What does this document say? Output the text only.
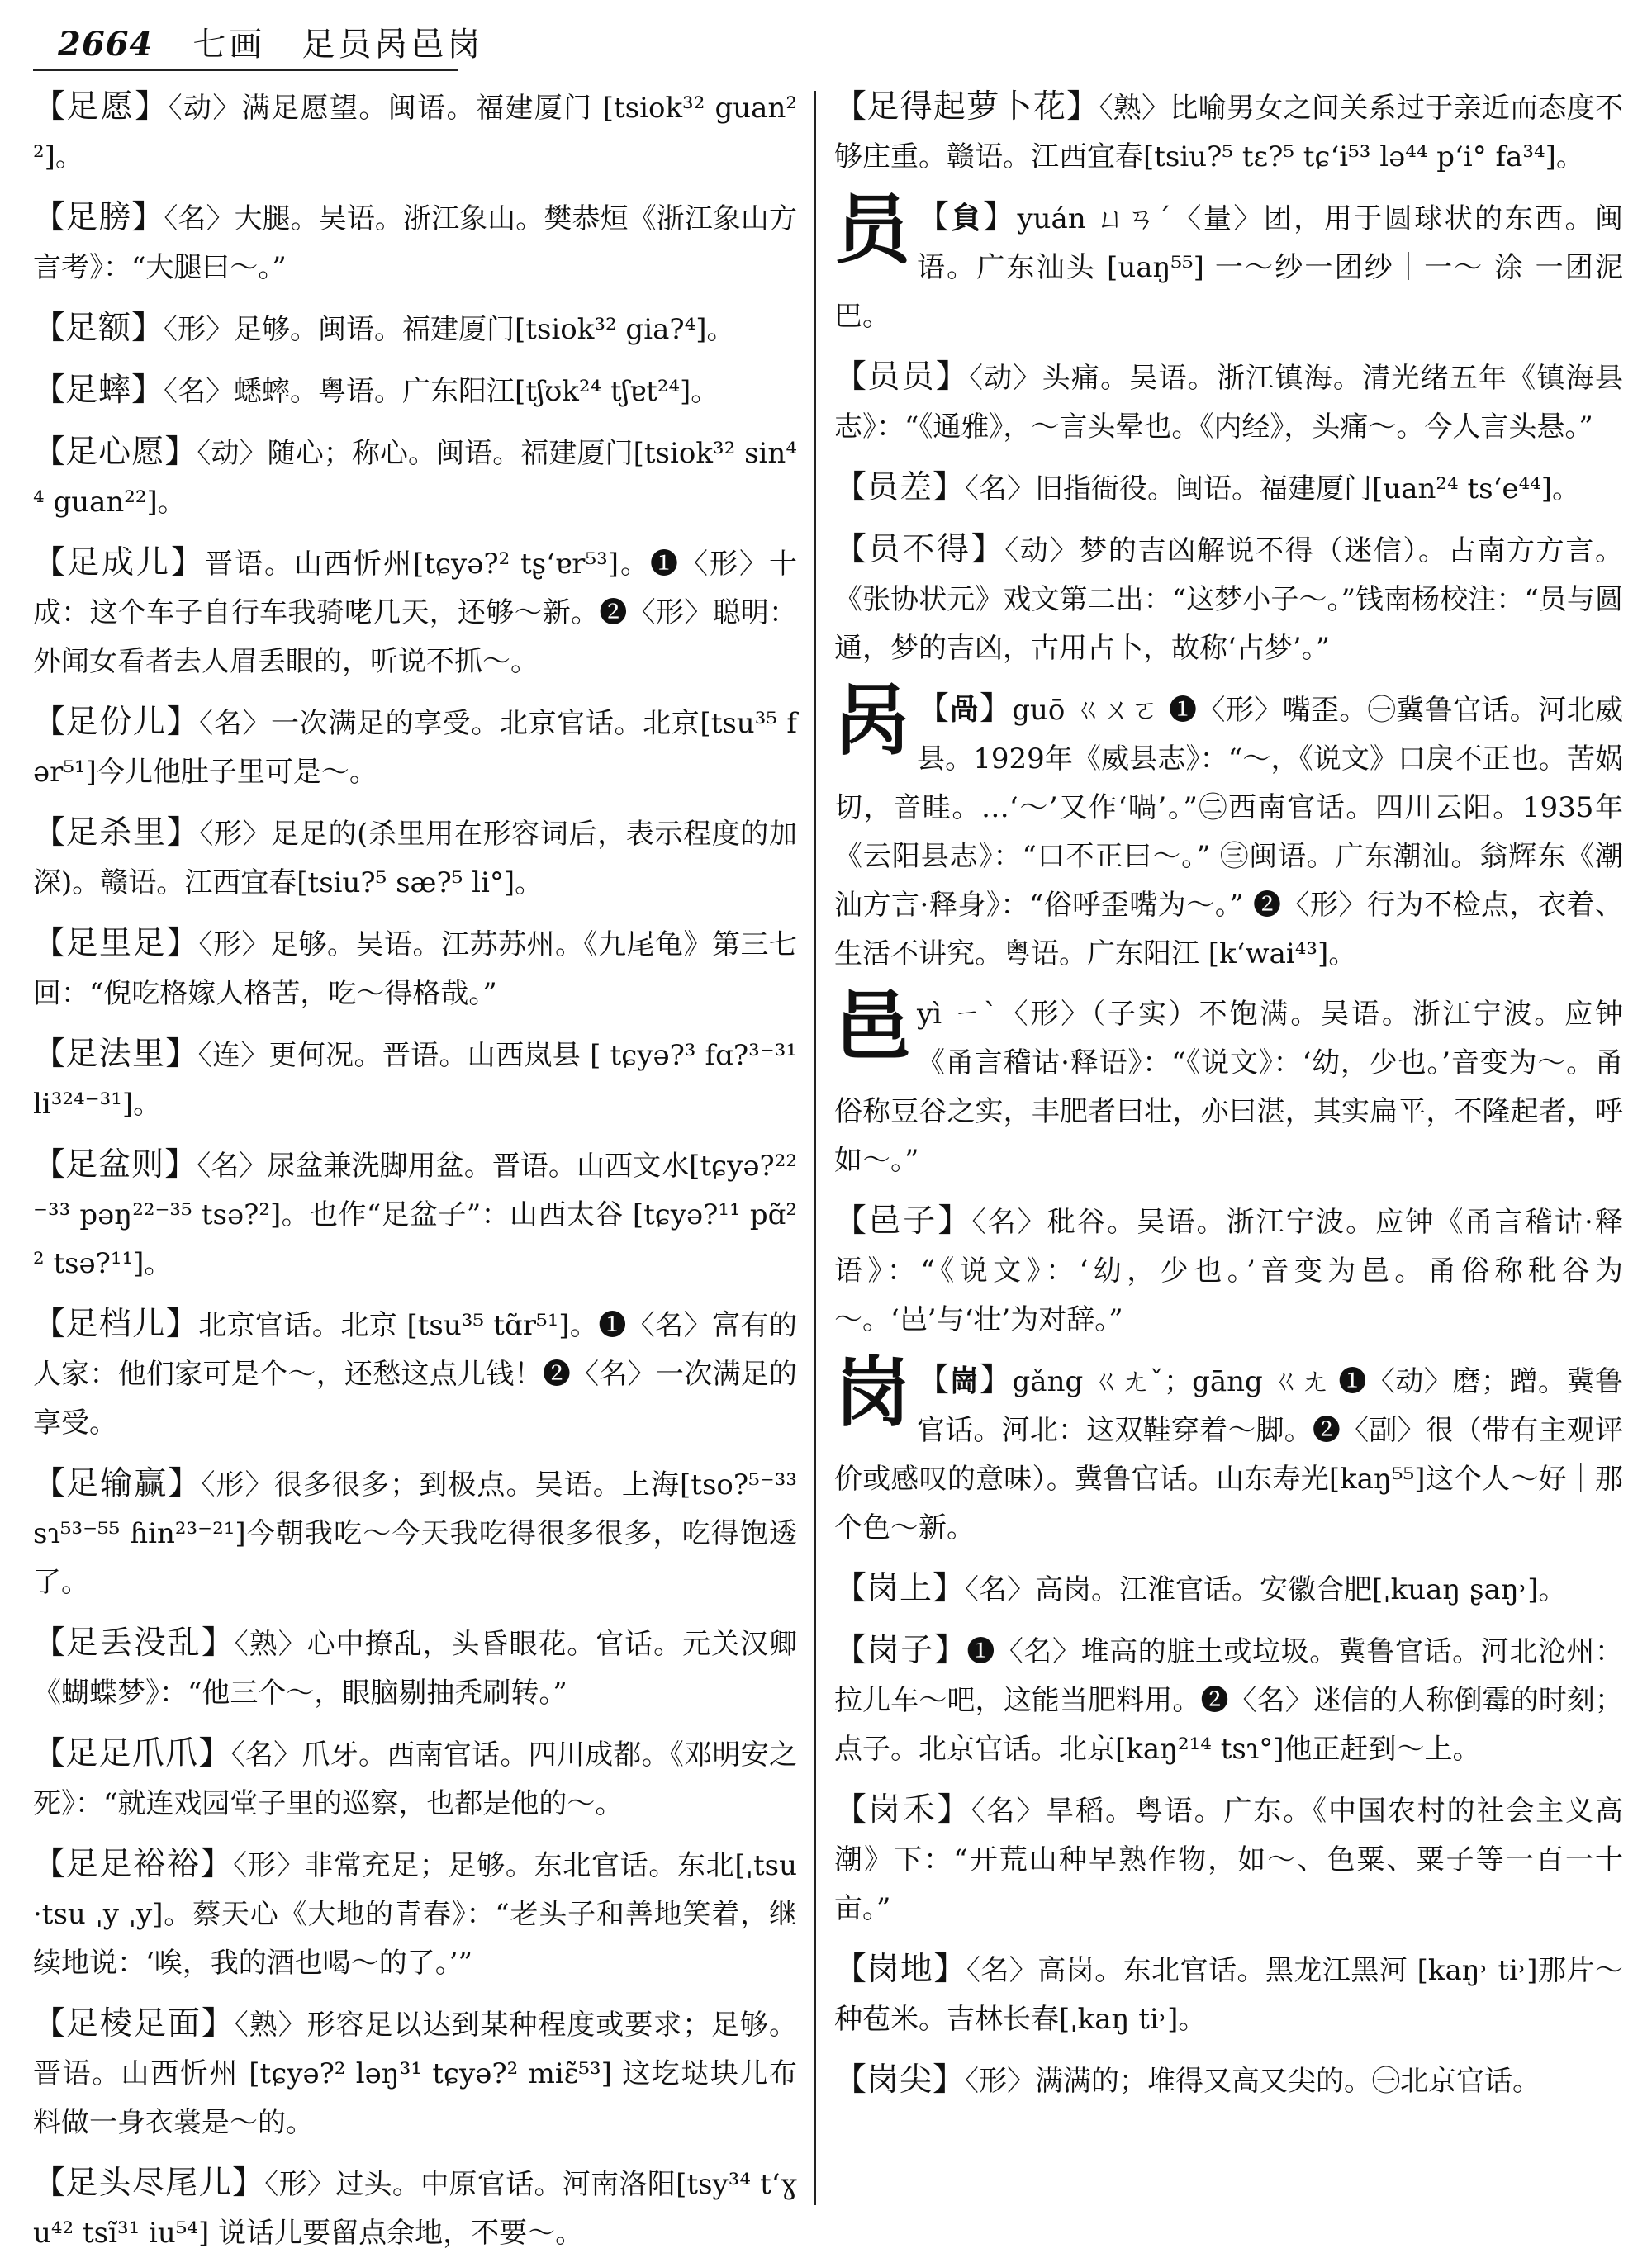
2664 七画　足员呙邑岗
【足愿】〈动〉满足愿望。闽语。福建厦门 [tsiok³² guan²²]。
【足膀】〈名〉大腿。吴语。浙江象山。樊恭烜《浙江象山方言考》：“大腿曰～。”
【足额】〈形〉足够。闽语。福建厦门[tsiok³² gia?⁴]。
【足蟀】〈名〉蟋蟀。粤语。广东阳江[tʃʊk²⁴ tʃɐt²⁴]。
【足心愿】〈动〉随心；称心。闽语。福建厦门[tsiok³² sin⁴⁴ guan²²]。
【足成儿】晋语。山西忻州[tɕyə?² tʂʻɐr⁵³]。❶〈形〉十成：这个车子自行车我骑咾几天，还够～新。❷〈形〉聪明：外闻女看者去人眉丢眼的，听说不抓～。
【足份儿】〈名〉一次满足的享受。北京官话。北京[tsu³⁵ fər⁵¹]今儿他肚子里可是～。
【足杀里】〈形〉足足的(杀里用在形容词后，表示程度的加深)。赣语。江西宜春[tsiu?⁵ sæ?⁵ li°]。
【足里足】〈形〉足够。吴语。江苏苏州。《九尾龟》第三七回：“倪吃格嫁人格苦，吃～得格哉。”
【足法里】〈连〉更何况。晋语。山西岚县 [ tɕyə?³ fɑ?³⁻³¹ li³²⁴⁻³¹]。
【足盆则】〈名〉尿盆兼洗脚用盆。晋语。山西文水[tɕyə?²²⁻³³ pəŋ²²⁻³⁵ tsə?²]。也作“足盆子”：山西太谷 [tɕyə?¹¹ pɑ̃²² tsə?¹¹]。
【足档儿】北京官话。北京 [tsu³⁵ tɑ̃r⁵¹]。❶〈名〉富有的人家：他们家可是个～，还愁这点儿钱！❷〈名〉一次满足的享受。
【足输赢】〈形〉很多很多；到极点。吴语。上海[tso?⁵⁻³³ sɿ⁵³⁻⁵⁵ ɦin²³⁻²¹]今朝我吃～今天我吃得很多很多，吃得饱透了。
【足丢没乱】〈熟〉心中撩乱，头昏眼花。官话。元关汉卿《蝴蝶梦》：“他三个～，眼脑剔抽秃刷转。”
【足足爪爪】〈名〉爪牙。西南官话。四川成都。《邓明安之死》：“就连戏园堂子里的巡察，也都是他的～。
【足足裕裕】〈形〉非常充足；足够。东北官话。东北[ˌtsu ·tsu ˌy ˌy]。蔡天心《大地的青春》：“老头子和善地笑着，继续地说：‘唉，我的酒也喝～的了。’”
【足棱足面】〈熟〉形容足以达到某种程度或要求；足够。晋语。山西忻州 [tɕyə?² ləŋ³¹ tɕyə?² miɛ̃⁵³] 这圪垯块儿布料做一身衣裳是～的。
【足头尽尾儿】〈形〉过头。中原官话。河南洛阳[tsy³⁴ tʻɣu⁴² tsĩ³¹ iu⁵⁴] 说话儿要留点余地，不要～。
【足得起萝卜花】〈熟〉比喻男女之间关系过于亲近而态度不够庄重。赣语。江西宜春[tsiu?⁵ tɛ?⁵ tɕʻi⁵³ lə⁴⁴ pʻi° fa³⁴]。
员 【貟】yuán ㄩㄢˊ〈量〉团，用于圆球状的东西。闽语。广东汕头 [uaŋ⁵⁵] 一～纱一团纱｜一～ 涂 一团泥巴。
【员员】〈动〉头痛。吴语。浙江镇海。清光绪五年《镇海县志》：“《通雅》，～言头晕也。《内经》，头痛～。今人言头悬。”
【员差】〈名〉旧指衙役。闽语。福建厦门[uan²⁴ tsʻe⁴⁴]。
【员不得】〈动〉梦的吉凶解说不得（迷信）。古南方方言。《张协状元》戏文第二出：“这梦小子～。”钱南杨校注：“员与圆通，梦的吉凶，古用占卜，故称‘占梦’。”
呙 【咼】guō ㄍㄨㄛ ❶〈形〉嘴歪。㊀冀鲁官话。河北威县。1929年《威县志》：“～，《说文》口戾不正也。苦娲切，音眭。…‘～’又作‘喎’。”㊁西南官话。四川云阳。1935年《云阳县志》：“口不正曰～。” ㊂闽语。广东潮汕。翁辉东《潮汕方言·释身》：“俗呼歪嘴为～。” ❷〈形〉行为不检点，衣着、生活不讲究。粤语。广东阳江 [kʻwai⁴³]。
邑yì ㄧˋ〈形〉（子实）不饱满。吴语。浙江宁波。应钟《甬言稽诂·释语》：“《说文》：‘幼，少也。’音变为～。甬俗称豆谷之实，丰肥者曰壮，亦曰湛，其实扁平，不隆起者，呼如～。”
【邑子】〈名〉秕谷。吴语。浙江宁波。应钟《甬言稽诂·释语》：“《说文》：‘幼，少也。’音变为邑。甬俗称秕谷为～。‘邑’与‘壮’为对辞。”
岗 【崗】gǎng ㄍㄤˇ；gāng ㄍㄤ ❶〈动〉磨；蹭。冀鲁官话。河北：这双鞋穿着～脚。❷〈副〉很（带有主观评价或感叹的意味）。冀鲁官话。山东寿光[kaŋ⁵⁵]这个人～好｜那个色～新。
【岗上】〈名〉高岗。江淮官话。安徽合肥[ˌkuaŋ ʂaŋ˒]。
【岗子】❶〈名〉堆高的脏土或垃圾。冀鲁官话。河北沧州：拉儿车～吧，这能当肥料用。❷〈名〉迷信的人称倒霉的时刻；点子。北京官话。北京[kaŋ²¹⁴ tsɿ°]他正赶到～上。
【岗禾】〈名〉旱稻。粤语。广东。《中国农村的社会主义高潮》下：“开荒山种早熟作物，如～、色粟、粟子等一百一十亩。”
【岗地】〈名〉高岗。东北官话。黑龙江黑河 [kaŋ˒ ti˒]那片～种苞米。吉林长春[ˌkaŋ ti˒]。
【岗尖】〈形〉满满的；堆得又高又尖的。㊀北京官话。
